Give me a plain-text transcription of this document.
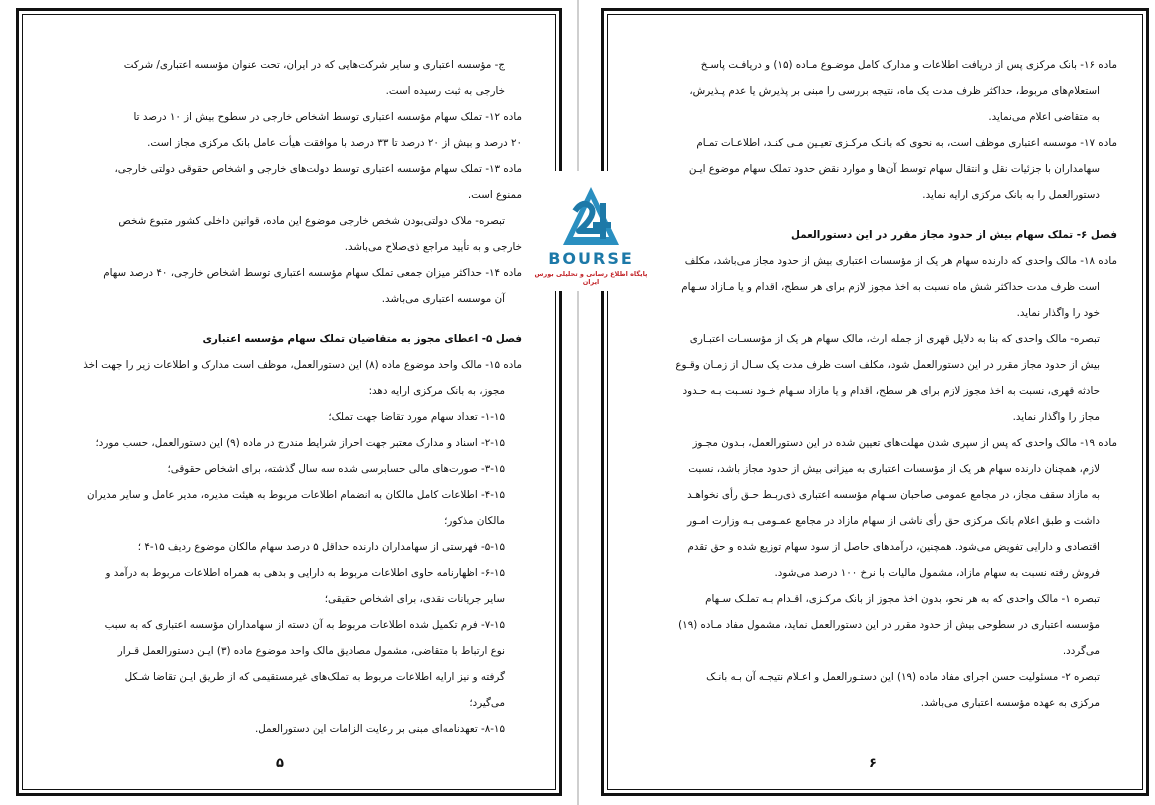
ج- مؤسسه اعتباری و سایر شرکت‌هایی که در ایران، تحت عنوان مؤسسه اعتباری/ شرکت

خارجی به ثبت رسیده است.

ماده ۱۲- تملک سهام مؤسسه اعتباری توسط اشخاص خارجی در سطوح بیش از ۱۰ درصد تا

۲۰ درصد و بیش از ۲۰ درصد تا ۳۳ درصد با موافقت هیأت عامل بانک مرکزی مجاز است.

ماده ۱۳- تملک سهام مؤسسه اعتباری توسط دولت‌های خارجی و اشخاص حقوقی دولتی خارجی،

ممنوع است.

تبصره- ملاک دولتی‌بودن شخص خارجی موضوع این ماده، قوانین داخلی کشور متبوع شخص

خارجی و به تأیید مراجع ذی‌صلاح می‌باشد.

ماده ۱۴- حداکثر میزان جمعی تملک سهام مؤسسه اعتباری توسط اشخاص خارجی، ۴۰ درصد سهام

آن موسسه اعتباری می‌باشد.

فصل ۵- اعطای مجوز به متقاضیان تملک سهام مؤسسه اعتباری

ماده ۱۵- مالک واحد موضوع ماده (۸) این دستورالعمل، موظف است مدارک و اطلاعات زیر را جهت اخذ

مجوز، به بانک مرکزی ارایه دهد:

۱-۱۵- تعداد سهام مورد تقاضا جهت تملک؛

۲-۱۵- اسناد و مدارک معتبر جهت احراز شرایط مندرج در ماده (۹) این دستورالعمل، حسب مورد؛

۳-۱۵- صورت‌های مالی حسابرسی شده سه سال گذشته، برای اشخاص حقوقی؛

۴-۱۵- اطلاعات کامل مالکان به انضمام اطلاعات مربوط به هیئت مدیره، مدیر عامل و سایر مدیران

مالکان مذکور؛

۵-۱۵- فهرستی از سهامداران دارنده حداقل ۵ درصد سهام مالکان موضوع ردیف ۱۵-۴ ؛

۶-۱۵- اظهارنامه حاوی اطلاعات مربوط به دارایی و بدهی به همراه اطلاعات مربوط به درآمد و

سایر جریانات نقدی، برای اشخاص حقیقی؛

۷-۱۵- فرم تکمیل شده اطلاعات مربوط به آن دسته از سهامداران مؤسسه اعتباری که به سبب

نوع ارتباط با متقاضی، مشمول مصادیق مالک واحد موضوع ماده (۳) ایـن دستورالعمل قـرار

گرفته و نیز ارایه اطلاعات مربوط به تملک‌های غیرمستقیمی که از طریق ایـن تقاضا شـکل

می‌گیرد؛

۸-۱۵- تعهدنامه‌ای مبنی بر رعایت الزامات این دستورالعمل.

۵

ماده ۱۶- بانک مرکزی پس از دریافت اطلاعات و مدارک کامل موضـوع مـاده (۱۵) و دریافـت پاسـخ

استعلام‌های مربوط، حداکثر ظرف مدت یک ماه، نتیجه بررسی را مبنی بر پذیرش یا عدم پـذیرش،

به متقاضی اعلام می‌نماید.

ماده ۱۷- موسسه اعتباری موظف است، به نحوی که بانـک مرکـزی تعیـین مـی کنـد، اطلاعـات تمـام

سهامداران با جزئیات نقل و انتقال سهام توسط آن‌ها و موارد نقض حدود تملک سهام موضوع ایـن

دستورالعمل را به بانک مرکزی ارایه نماید.

فصل ۶- تملک سهام بیش از حدود مجاز مقرر در این دستورالعمل

ماده ۱۸- مالک واحدی که دارنده سهام هر یک از مؤسسات اعتباری بیش از حدود مجاز می‌باشد، مکلف

است ظرف مدت حداکثر شش ماه نسبت به اخذ مجوز لازم برای هر سطح، اقدام و یا مـازاد سـهام

خود را واگذار نماید.

تبصره- مالک واحدی که بنا به دلایل قهری از جمله ارث، مالک سهام هر یک از مؤسسـات اعتبـاری

بیش از حدود مجاز مقرر در این دستورالعمل شود، مکلف است ظرف مدت یک سـال از زمـان وقـوع

حادثه قهری، نسبت به اخذ مجوز لازم برای هر سطح، اقدام و یا مازاد سـهام خـود نسـبت بـه حـدود

مجاز را واگذار نماید.

ماده ۱۹- مالک واحدی که پس از سپری شدن مهلت‌های تعیین شده در این دستورالعمل، بـدون مجـوز

لازم، همچنان دارنده سهام هر یک از مؤسسات اعتباری به میزانی بیش از حدود مجاز باشد، نسبت

به مازاد سقف مجاز، در مجامع عمومی صاحبان سـهام مؤسسه اعتباری ذی‌ربـط حـق رأی نخواهـد

داشت و طبق اعلام بانک مرکزی حق رأی ناشی از سهام مازاد در مجامع عمـومی بـه وزارت امـور

اقتصادی و دارایی تفویض می‌شود. همچنین، درآمدهای حاصل از سود سهام توزیع شده و حق تقدم

فروش رفته نسبت به سهام مازاد، مشمول مالیات با نرخ ۱۰۰ درصد می‌شود.

تبصره ۱- مالک واحدی که به هر نحو، بدون اخذ مجوز از بانک مرکـزی، اقـدام بـه تملـک سـهام

مؤسسه اعتباری در سطوحی بیش از حدود مقرر در این دستورالعمل نماید، مشمول مفاد مـاده (۱۹)

می‌گردد.

تبصره ۲- مسئولیت حسن اجرای مفاد ماده (۱۹) این دستـورالعمل و اعـلام نتیجـه آن بـه بانـک

مرکزی به عهده مؤسسه اعتباری می‌باشد.

۶
BOURSE
پایگاه اطلاع رسانی و تحلیلی بورس ایران
